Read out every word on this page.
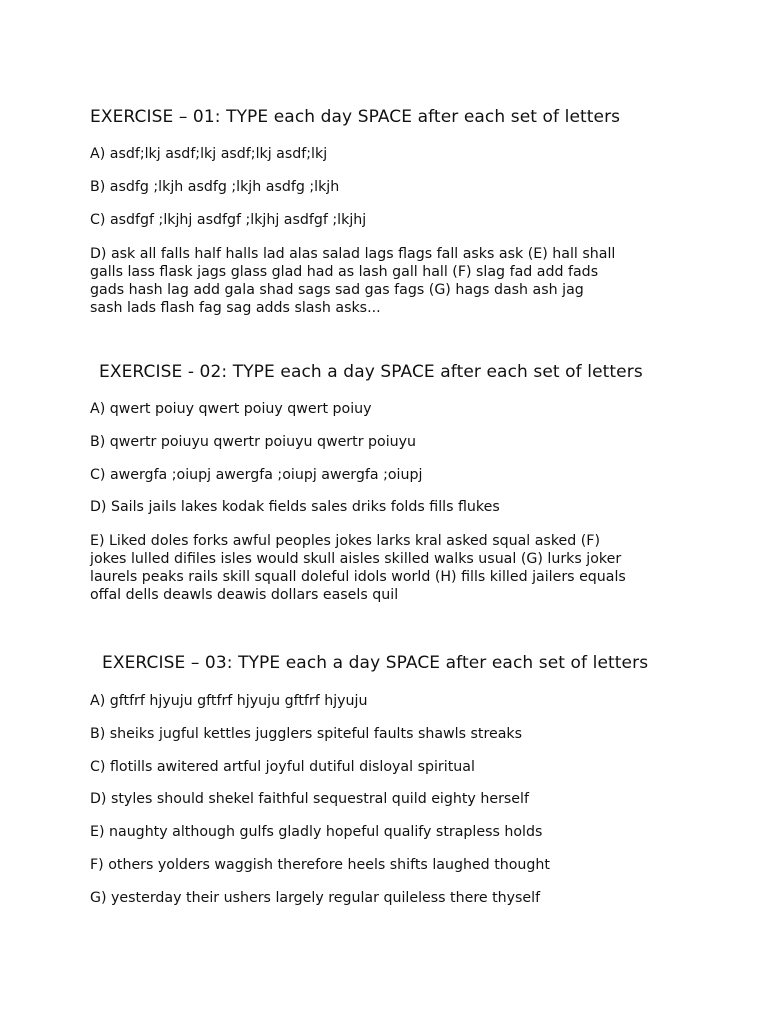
EXERCISE – 01: TYPE each day SPACE after each set of letters

A) asdf;lkj asdf;lkj asdf;lkj asdf;lkj

B) asdfg ;lkjh asdfg ;lkjh asdfg ;lkjh

C) asdfgf ;lkjhj asdfgf ;lkjhj asdfgf ;lkjhj

D) ask all falls half halls lad alas salad lags flags fall asks ask (E) hall shall
galls lass flask jags glass glad had as lash gall hall (F) slag fad add fads
gads hash lag add gala shad sags sad gas fags (G) hags dash ash jag
sash lads flash fag sag adds slash asks...
EXERCISE - 02: TYPE each a day SPACE after each set of letters

A) qwert poiuy qwert poiuy qwert poiuy

B) qwertr poiuyu qwertr poiuyu qwertr poiuyu

C) awergfa ;oiupj awergfa ;oiupj awergfa ;oiupj

D) Sails jails lakes kodak fields sales driks folds fills flukes

E) Liked doles forks awful peoples jokes larks kral asked squal asked (F)
jokes lulled difiles isles would skull aisles skilled walks usual (G) lurks joker
laurels peaks rails skill squall doleful idols world (H) fills killed jailers equals
offal dells deawls deawis dollars easels quil
EXERCISE – 03: TYPE each a day SPACE after each set of letters

A) gftfrf hjyuju gftfrf hjyuju gftfrf hjyuju

B) sheiks jugful kettles jugglers spiteful faults shawls streaks

C) flotills awitered artful joyful dutiful disloyal spiritual

D) styles should shekel faithful sequestral quild eighty herself

E) naughty although gulfs gladly hopeful qualify strapless holds

F) others yolders waggish therefore heels shifts laughed thought

G) yesterday their ushers largely regular quileless there thyself
